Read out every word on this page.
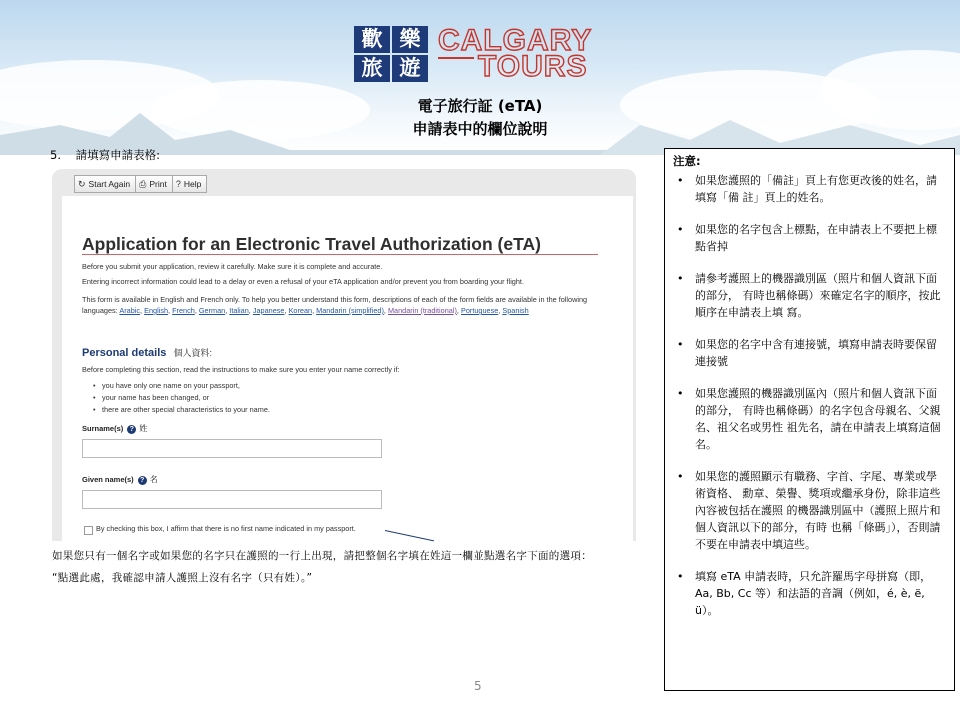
歡 樂
旅 遊
CALGARY
TOURS
電子旅行証 (eTA)
申請表中的欄位說明
5. 請填寫申請表格:
↻ Start Again ⎙ Print ? Help
Application for an Electronic Travel Authorization (eTA)
Before you submit your application, review it carefully. Make sure it is complete and accurate.
Entering incorrect information could lead to a delay or even a refusal of your eTA application and/or prevent you from boarding your flight.
This form is available in English and French only. To help you better understand this form, descriptions of each of the form fields are available in the following languages: Arabic, English, French, German, Italian, Japanese, Korean, Mandarin (simplified), Mandarin (traditional), Portuguese, Spanish
Personal details 個人資料:
Before completing this section, read the instructions to make sure you enter your name correctly if:
• you have only one name on your passport,
• your name has been changed, or
• there are other special characteristics to your name.
Surname(s) ? 姓
Given name(s) ? 名
By checking this box, I affirm that there is no first name indicated in my passport.
如果您只有一個名字或如果您的名字只在護照的一行上出現，請把整個名字填在姓這一欄並點選名字下面的選項：
“點選此處，我確認申請人護照上沒有名字（只有姓）。”
5
注意:
• 如果您護照的「備註」頁上有您更改後的姓名，請填寫「備 註」頁上的姓名。
• 如果您的名字包含上標點，在申請表上不要把上標點省掉
• 請參考護照上的機器識別區（照片和個人資訊下面的部分， 有時也稱條碼）來確定名字的順序，按此順序在申請表上填 寫。
• 如果您的名字中含有連接號，填寫申請表時要保留連接號
• 如果您護照的機器識別區內（照片和個人資訊下面的部分， 有時也稱條碼）的名字包含母親名、父親名、祖父名或男性 祖先名，請在申請表上填寫這個名。
• 如果您的護照顯示有職務、字首、字尾、專業或學術資格、 勳章、榮譽、獎項或繼承身份，除非這些內容被包括在護照 的機器識別區中（護照上照片和個人資訊以下的部分，有時 也稱「條碼」），否則請不要在申請表中填這些。
• 填寫 eTA 申請表時，只允許羅馬字母拼寫（即，Aa, Bb, Cc 等）和法語的音調（例如，é, è, ë, ü）。
